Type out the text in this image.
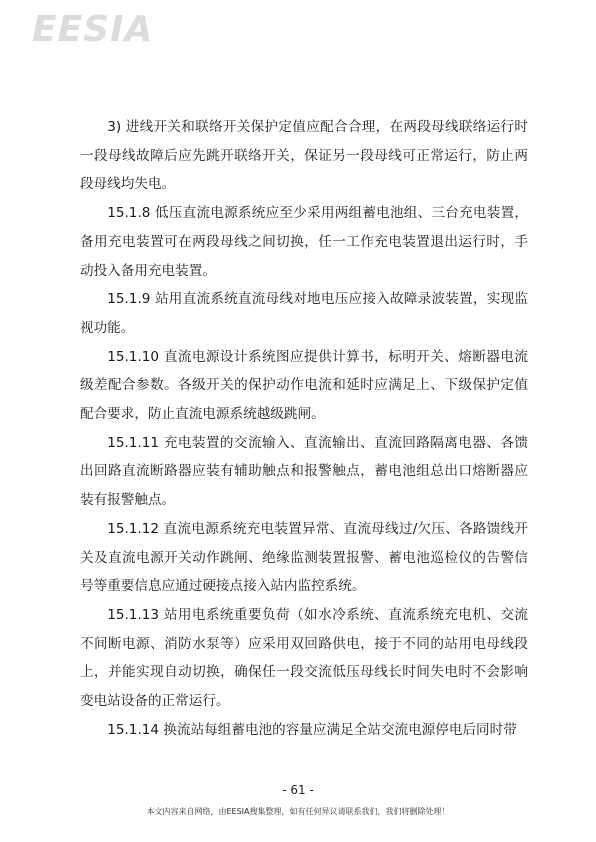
EESIA

3) 进线开关和联络开关保护定值应配合合理，在两段母线联络运行时一段母线故障后应先跳开联络开关，保证另一段母线可正常运行，防止两段母线均失电。

15.1.8 低压直流电源系统应至少采用两组蓄电池组、三台充电装置，备用充电装置可在两段母线之间切换，任一工作充电装置退出运行时，手动投入备用充电装置。

15.1.9 站用直流系统直流母线对地电压应接入故障录波装置，实现监视功能。

15.1.10 直流电源设计系统图应提供计算书，标明开关、熔断器电流级差配合参数。各级开关的保护动作电流和延时应满足上、下级保护定值配合要求，防止直流电源系统越级跳闸。

15.1.11 充电装置的交流输入、直流输出、直流回路隔离电器、各馈出回路直流断路器应装有辅助触点和报警触点，蓄电池组总出口熔断器应装有报警触点。

15.1.12 直流电源系统充电装置异常、直流母线过/欠压、各路馈线开关及直流电源开关动作跳闸、绝缘监测装置报警、蓄电池巡检仪的告警信号等重要信息应通过硬接点接入站内监控系统。

15.1.13 站用电系统重要负荷（如水冷系统、直流系统充电机、交流不间断电源、消防水泵等）应采用双回路供电，接于不同的站用电母线段上，并能实现自动切换，确保任一段交流低压母线长时间失电时不会影响变电站设备的正常运行。

15.1.14 换流站每组蓄电池的容量应满足全站交流电源停电后同时带

- 61 -
本文内容来自网络，由EESIA搜集整理，如有任何异议请联系我们，我们将删除处理！
